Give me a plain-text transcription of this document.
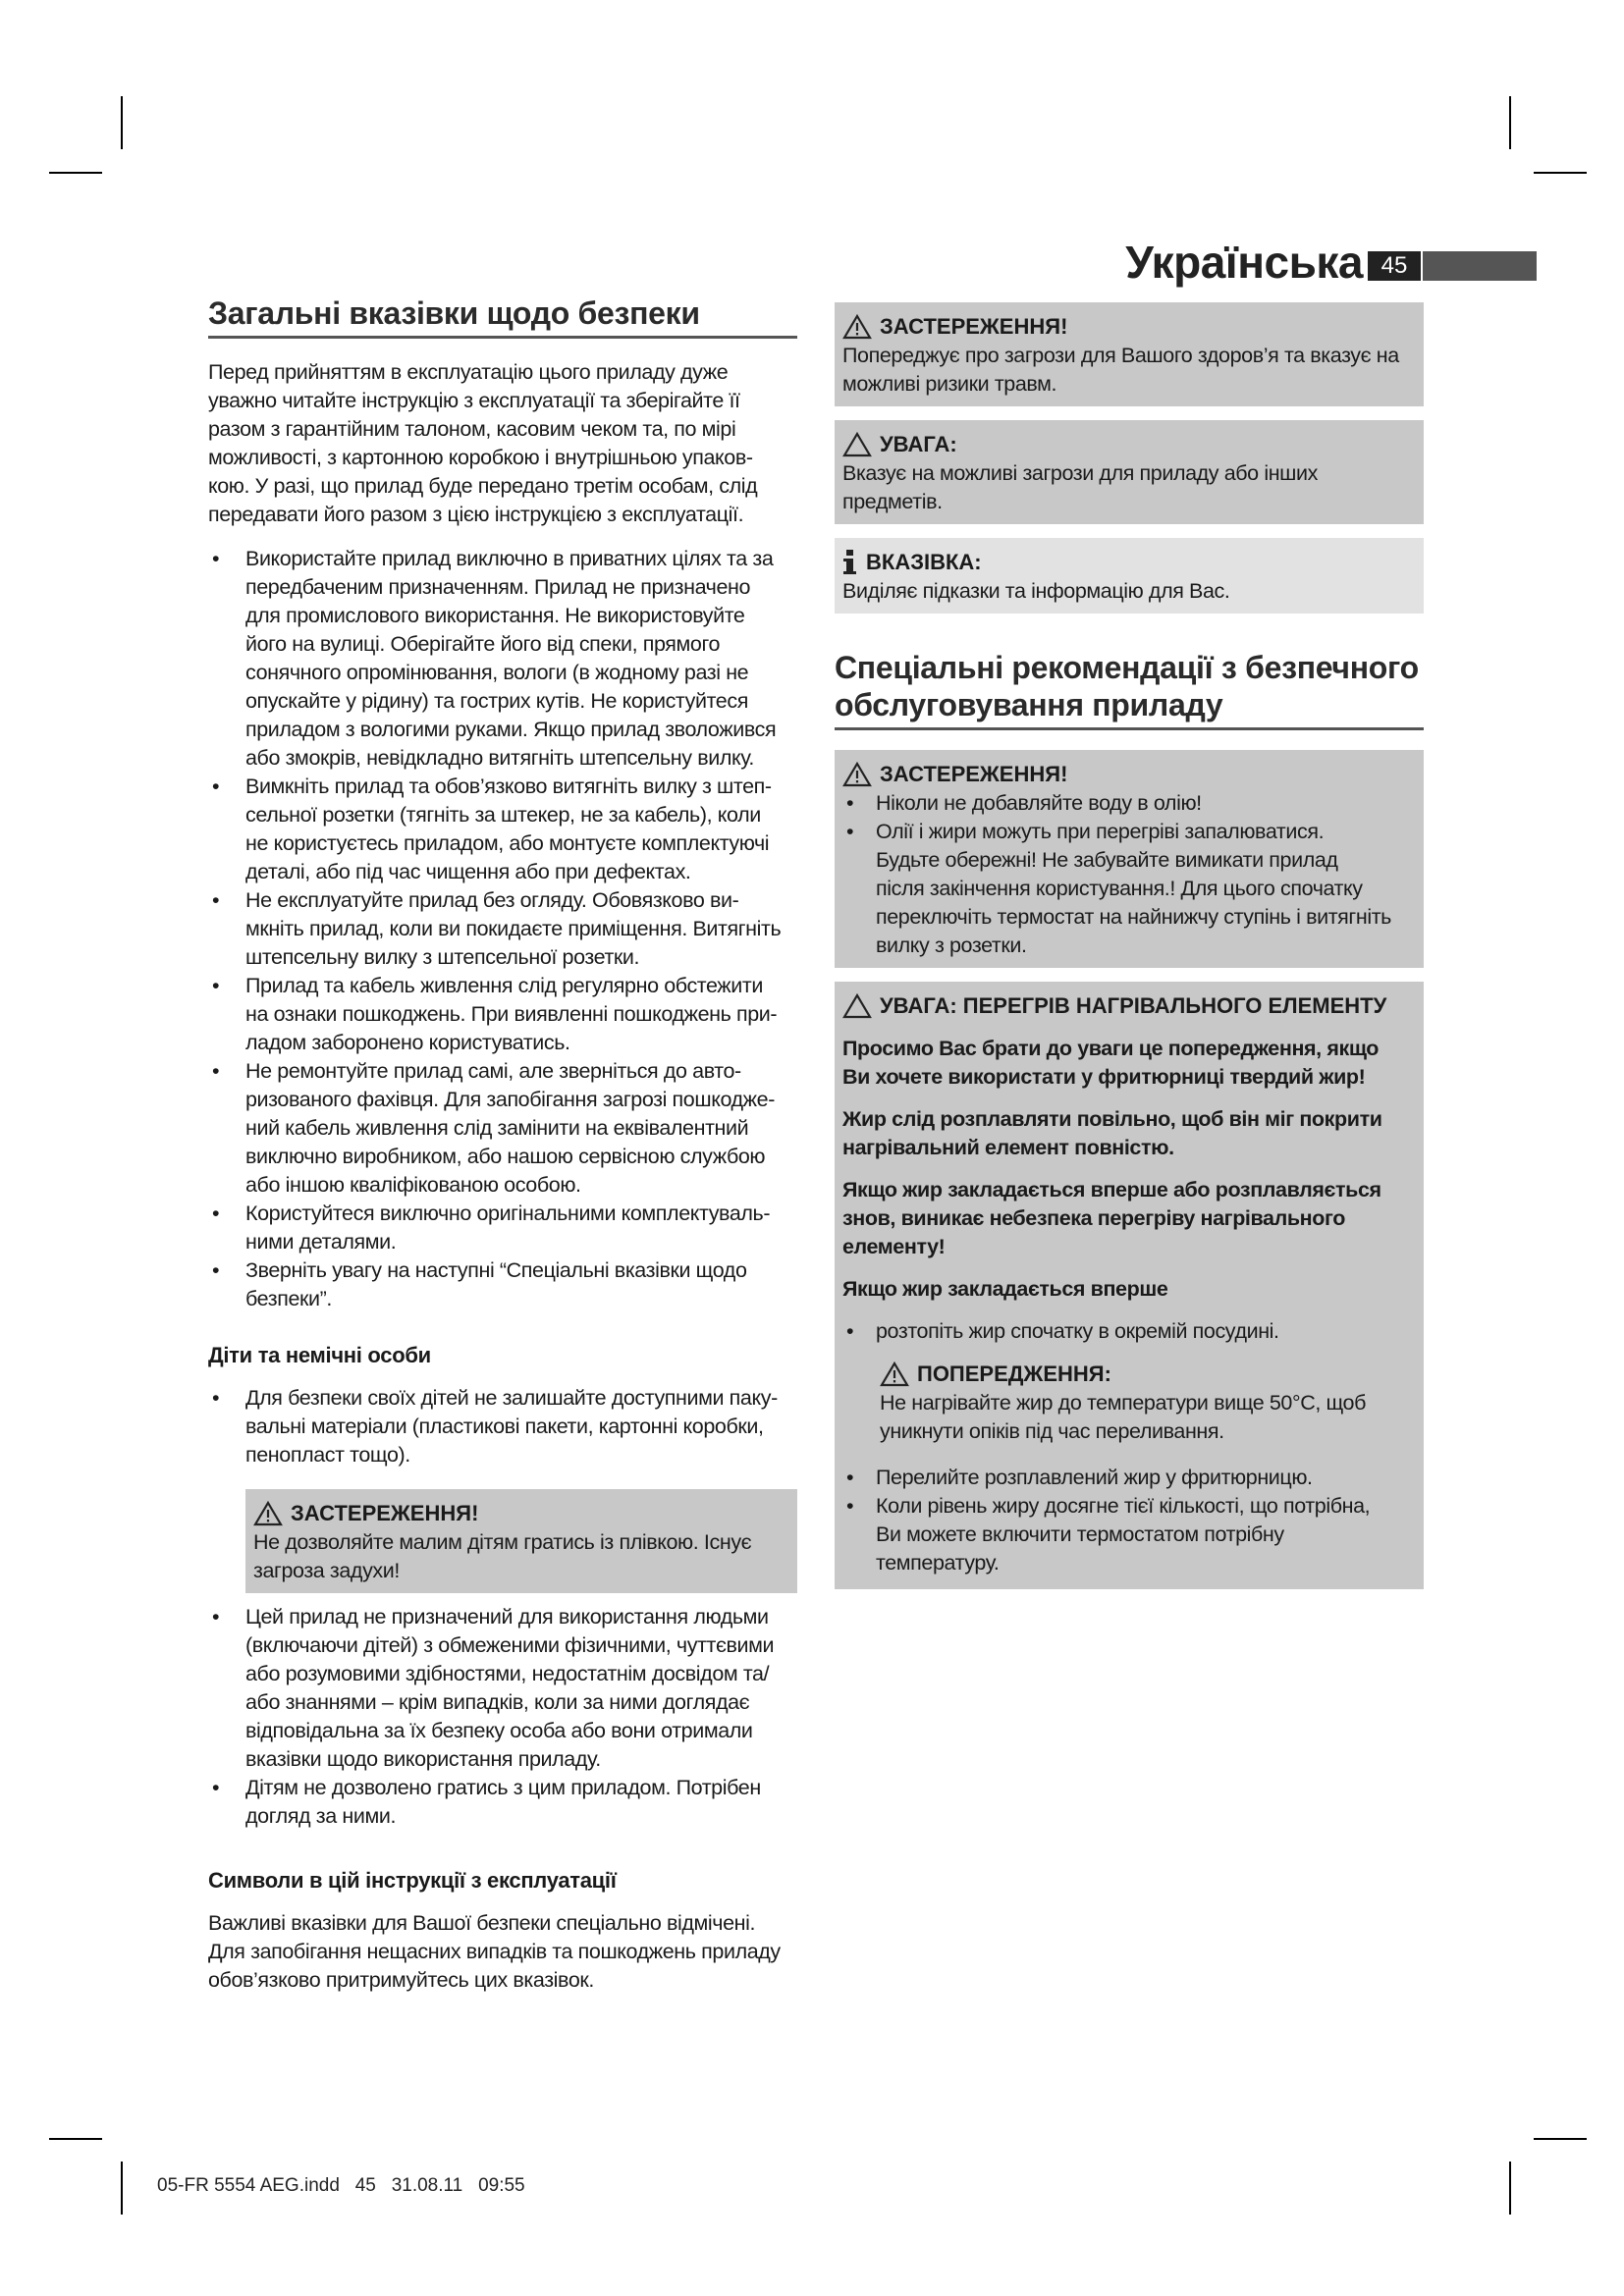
Українська 45
Загальні вказівки щодо безпеки

Перед прийняттям в експлуатацію цього приладу дуже
уважно читайте інструкцію з експлуатації та зберігайте її
разом з гарантійним талоном, касовим чеком та, по мірі
можливості, з картонною коробкою і внутрішньою упаков-
кою. У разі, що прилад буде передано третім особам, слід
передавати його разом з цією інструкцією з експлуатації.

• Використайте прилад виключно в приватних цілях та за
передбаченим призначенням. Прилад не призначено
для промислового використання. Не використовуйте
його на вулиці. Оберігайте його від спеки, прямого
сонячного опромінювання, вологи (в жодному разі не
опускайте у рідину) та гострих кутів. Не користуйтеся
приладом з вологими руками. Якщо прилад зволожився
або змокрів, невідкладно витягніть штепсельну вилку.
• Вимкніть прилад та обов’язково витягніть вилку з штеп-
сельної розетки (тягніть за штекер, не за кабель), коли
не користуєтесь приладом, або монтуєте комплектуючі
деталі, або під час чищення або при дефектах.
• Не експлуатуйте прилад без огляду. Обовязково ви-
мкніть прилад, коли ви покидаєте приміщення. Витягніть
штепсельну вилку з штепсельної розетки.
• Прилад та кабель живлення слід регулярно обстежити
на ознаки пошкоджень. При виявленні пошкоджень при-
ладом заборонено користуватись.
• Не ремонтуйте прилад самі, але зверніться до авто-
ризованого фахівця. Для запобігання загрозі пошкодже-
ний кабель живлення слід замінити на еквівалентний
виключно виробником, або нашою сервісною службою
або іншою кваліфікованою особою.
• Користуйтеся виключно оригінальними комплектуваль-
ними деталями.
• Зверніть увагу на наступні “Спеціальні вказівки щодо
безпеки”.
Діти та немічні особи
• Для безпеки своїх дітей не залишайте доступними паку-
вальні матеріали (пластикові пакети, картонні коробки,
пенопласт тощо).
ЗАСТЕРЕЖЕННЯ!

Не дозволяйте малим дітям гратись із плівкою. Існує
загроза задухи!

• Цей прилад не призначений для використання людьми
(включаючи дітей) з обмеженими фізичними, чуттєвими
або розумовими здібностями, недостатнім досвідом та/
або знаннями – крім випадків, коли за ними доглядає
відповідальна за їх безпеку особа або вони отримали
вказівки щодо використання приладу.
• Дітям не дозволено гратись з цим приладом. Потрібен
догляд за ними.
Символи в цій інструкції з експлуатації

Важливі вказівки для Вашої безпеки спеціально відмічені.
Для запобігання нещасних випадків та пошкоджень приладу
обов’язково притримуйтесь цих вказівок.

ЗАСТЕРЕЖЕННЯ!

Попереджує про загрози для Вашого здоров’я та вказує на
можливі ризики травм.

УВАГА:

Вказує на можливі загрози для приладу або інших
предметів.

ВКАЗІВКА:

Виділяє підказки та інформацію для Вас.

Спеціальні рекомендації з безпечного
обслуговування приладу
ЗАСТЕРЕЖЕННЯ!
• Ніколи не добавляйте воду в олію!
• Олії і жири можуть при перегріві запалюватися.
Будьте обережні! Не забувайте вимикати прилад
після закінчення користування.! Для цього спочатку
переключіть термостат на найнижчу ступінь і витягніть
вилку з розетки.
УВАГА: ПЕРЕГРІВ НАГРІВАЛЬНОГО ЕЛЕМЕНТУ

Просимо Вас брати до уваги це попередження, якщо
Ви хочете використати у фритюрниці твердий жир!

Жир слід розплавляти повільно, щоб він міг покрити
нагрівальний елемент повністю.

Якщо жир закладається вперше або розплавляється
знов, виникає небезпека перегріву нагрівального
елементу!

Якщо жир закладається вперше

• розтопіть жир спочатку в окремій посудині.
ПОПЕРЕДЖЕННЯ:

Не нагрівайте жир до температури вище 50°C, щоб
уникнути опіків під час переливання.

• Перелийте розплавлений жир у фритюрницю.
• Коли рівень жиру досягне тієї кількості, що потрібна,
Ви можете включити термостатом потрібну
температуру.
05-FR 5554 AEG.indd   45   31.08.11   09:55
